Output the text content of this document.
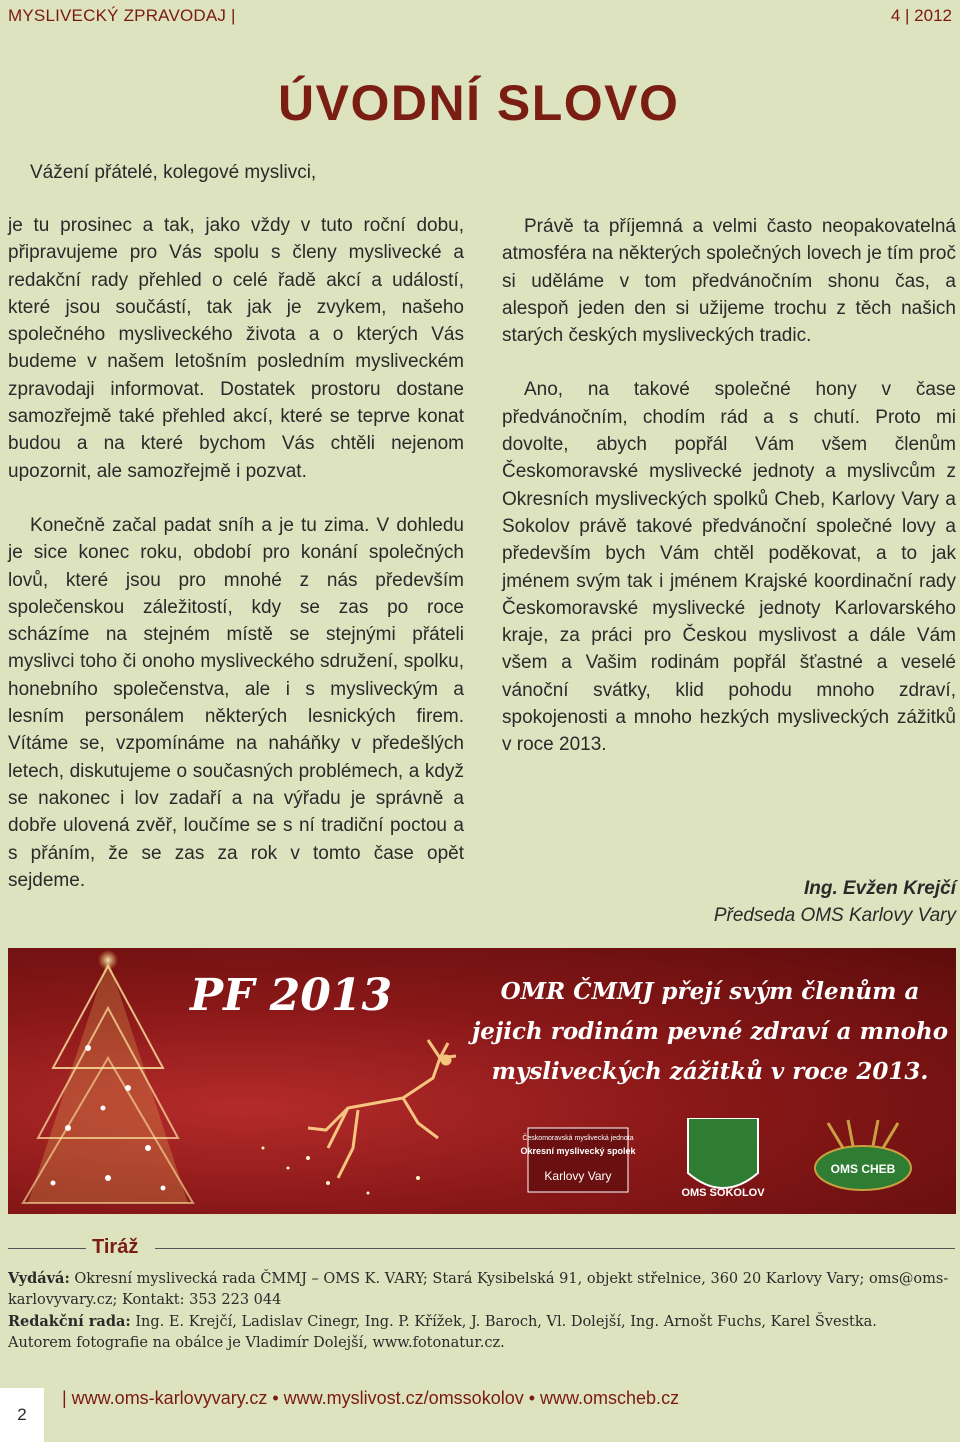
MYSLIVECKÝ ZPRAVODAJ |	4 | 2012
ÚVODNÍ SLOVO
Vážení přátelé, kolegové myslivci,

je tu prosinec a tak, jako vždy v tuto roční dobu, připravujeme pro Vás spolu s členy myslivecké a redakční rady přehled o celé řadě akcí a událostí, které jsou součástí, tak jak je zvykem, našeho společného mysliveckého života a o kterých Vás budeme v našem letošním posledním mysliveckém zpravodaji informovat. Dostatek prostoru dostane samozřejmě také přehled akcí, které se teprve konat budou a na které bychom Vás chtěli nejenom upozornit, ale samozřejmě i pozvat.

Konečně začal padat sníh a je tu zima. V dohledu je sice konec roku, období pro konání společných lovů, které jsou pro mnohé z nás především společenskou záležitostí, kdy se zas po roce scházíme na stejném místě se stejnými přáteli myslivci toho či onoho mysliveckého sdružení, spolku, honebního společenstva, ale i s mysliveckým a lesním personálem některých lesnických firem. Vítáme se, vzpomínáme na naháňky v předešlých letech, diskutujeme o současných problémech, a když se nakonec i lov zadaří a na výřadu je správně a dobře ulovená zvěř, loučíme se s ní tradiční poctou a s přáním, že se zas za rok v tomto čase opět sejdeme.

Právě ta příjemná a velmi často neopakovatelná atmosféra na některých společných lovech je tím proč si uděláme v tom předvánočním shonu čas, a alespoň jeden den si užijeme trochu z těch našich starých českých mysliveckých tradic.

Ano, na takové společné hony v čase předvánočním, chodím rád a s chutí. Proto mi dovolte, abych popřál Vám všem členům Českomoravské myslivecké jednoty a myslivcům z Okresních mysliveckých spolků Cheb, Karlovy Vary a Sokolov právě takové předvánoční společné lovy a především bych Vám chtěl poděkovat, a to jak jménem svým tak i jménem Krajské koordinační rady Českomoravské myslivecké jednoty Karlovarského kraje, za práci pro Českou myslivost a dále Vám všem a Vašim rodinám popřál šťastné a veselé vánoční svátky, klid pohodu mnoho zdraví, spokojenosti a mnoho hezkých mysliveckých zážitků v roce 2013.

Ing. Evžen Krejčí
Předseda OMS Karlovy Vary
PF 2013	OMR ČMMJ přejí svým členům a jejich rodinám pevné zdraví a mnoho mysliveckých zážitků v roce 2013.
Českomoravská myslivecká jednota
Okresní myslivecký spolek
Karlovy Vary
OMS SOKOLOV
OMS CHEB
Tiráž
Vydává: Okresní myslivecká rada ČMMJ – OMS K. VARY; Stará Kysibelská 91, objekt střelnice, 360 20 Karlovy Vary; oms@oms-karlovyvary.cz; Kontakt: 353 223 044
Redakční rada: Ing. E. Krejčí, Ladislav Cinegr, Ing. P. Křížek, J. Baroch, Vl. Dolejší, Ing. Arnošt Fuchs, Karel Švestka.
Autorem fotografie na obálce je Vladimír Dolejší, www.fotonatur.cz.
2
| www.oms-karlovyvary.cz • www.myslivost.cz/omssokolov • www.omscheb.cz
